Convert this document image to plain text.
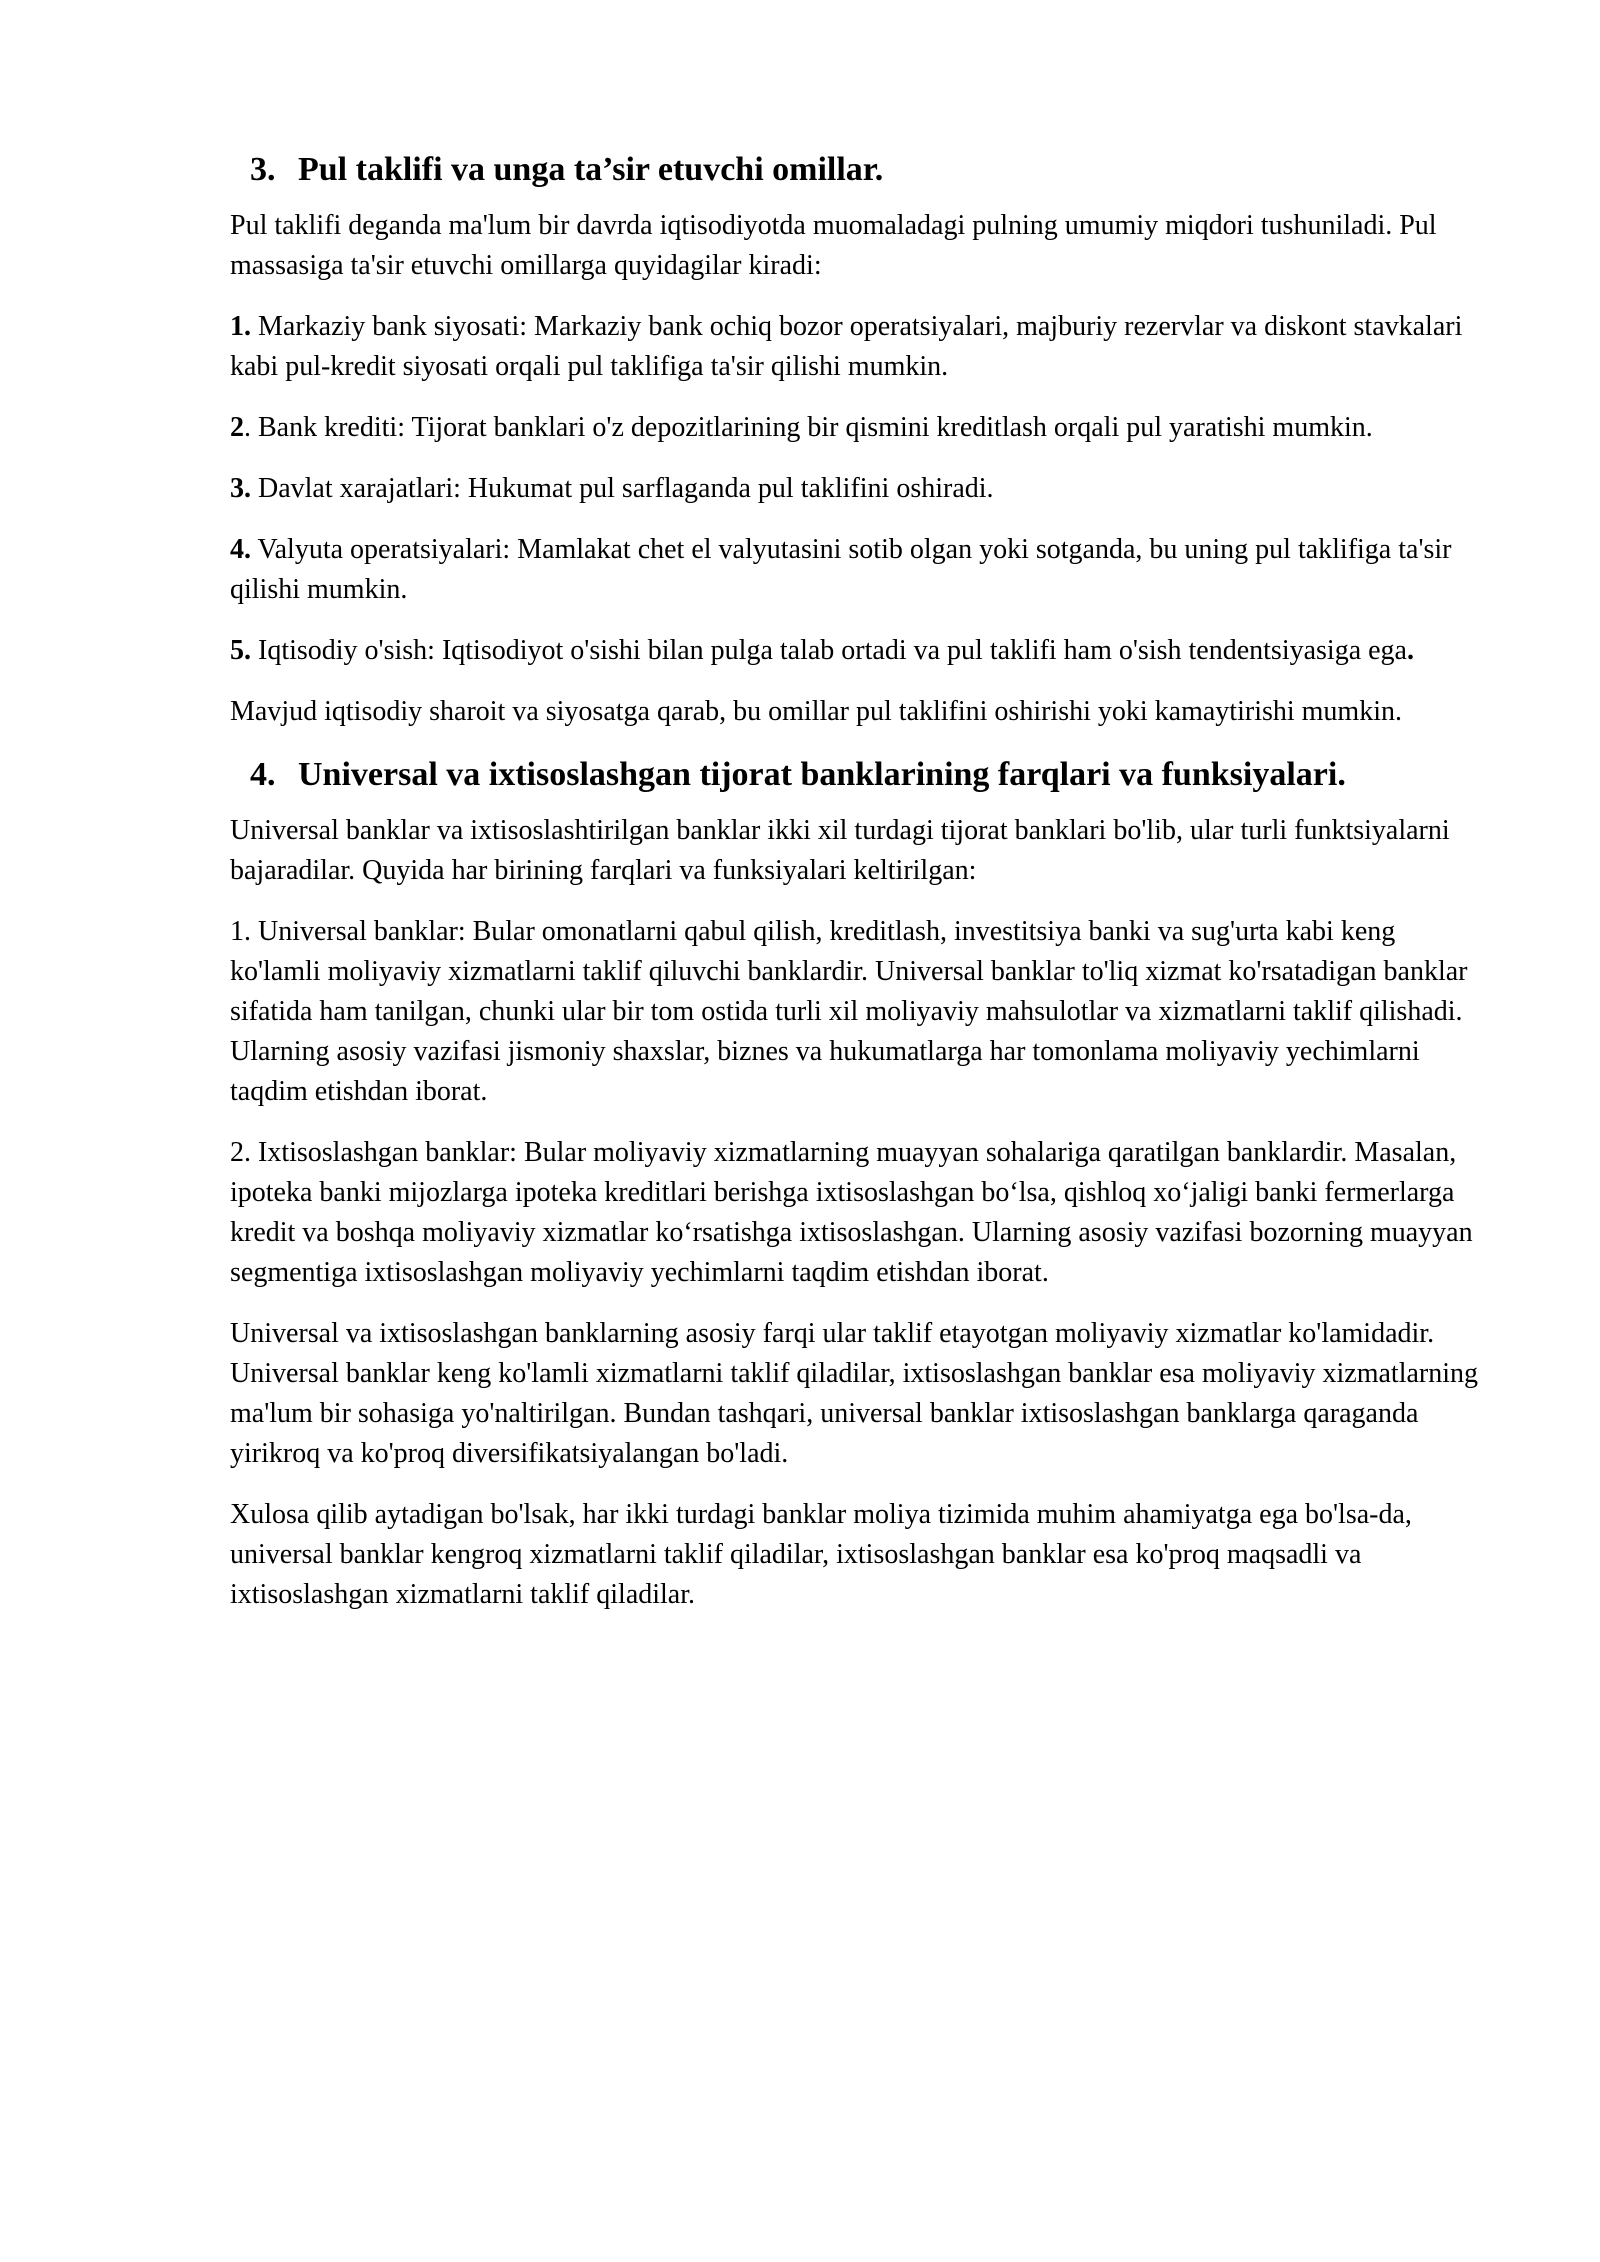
3. Pul taklifi va unga ta’sir etuvchi omillar.

Pul taklifi deganda ma'lum bir davrda iqtisodiyotda muomaladagi pulning umumiy miqdori tushuniladi. Pul massasiga ta'sir etuvchi omillarga quyidagilar kiradi:

1. Markaziy bank siyosati: Markaziy bank ochiq bozor operatsiyalari, majburiy rezervlar va diskont stavkalari kabi pul-kredit siyosati orqali pul taklifiga ta'sir qilishi mumkin.

2. Bank krediti: Tijorat banklari o'z depozitlarining bir qismini kreditlash orqali pul yaratishi mumkin.

3. Davlat xarajatlari: Hukumat pul sarflaganda pul taklifini oshiradi.

4. Valyuta operatsiyalari: Mamlakat chet el valyutasini sotib olgan yoki sotganda, bu uning pul taklifiga ta'sir qilishi mumkin.

5. Iqtisodiy o'sish: Iqtisodiyot o'sishi bilan pulga talab ortadi va pul taklifi ham o'sish tendentsiyasiga ega.

Mavjud iqtisodiy sharoit va siyosatga qarab, bu omillar pul taklifini oshirishi yoki kamaytirishi mumkin.

4. Universal va ixtisoslashgan tijorat banklarining farqlari va funksiyalari.

Universal banklar va ixtisoslashtirilgan banklar ikki xil turdagi tijorat banklari bo'lib, ular turli funktsiyalarni bajaradilar. Quyida har birining farqlari va funksiyalari keltirilgan:

1. Universal banklar: Bular omonatlarni qabul qilish, kreditlash, investitsiya banki va sug'urta kabi keng ko'lamli moliyaviy xizmatlarni taklif qiluvchi banklardir. Universal banklar to'liq xizmat ko'rsatadigan banklar sifatida ham tanilgan, chunki ular bir tom ostida turli xil moliyaviy mahsulotlar va xizmatlarni taklif qilishadi. Ularning asosiy vazifasi jismoniy shaxslar, biznes va hukumatlarga har tomonlama moliyaviy yechimlarni taqdim etishdan iborat.

2. Ixtisoslashgan banklar: Bular moliyaviy xizmatlarning muayyan sohalariga qaratilgan banklardir. Masalan, ipoteka banki mijozlarga ipoteka kreditlari berishga ixtisoslashgan bo‘lsa, qishloq xo‘jaligi banki fermerlarga kredit va boshqa moliyaviy xizmatlar ko‘rsatishga ixtisoslashgan. Ularning asosiy vazifasi bozorning muayyan segmentiga ixtisoslashgan moliyaviy yechimlarni taqdim etishdan iborat.

Universal va ixtisoslashgan banklarning asosiy farqi ular taklif etayotgan moliyaviy xizmatlar ko'lamidadir. Universal banklar keng ko'lamli xizmatlarni taklif qiladilar, ixtisoslashgan banklar esa moliyaviy xizmatlarning ma'lum bir sohasiga yo'naltirilgan. Bundan tashqari, universal banklar ixtisoslashgan banklarga qaraganda yirikroq va ko'proq diversifikatsiyalangan bo'ladi.

Xulosa qilib aytadigan bo'lsak, har ikki turdagi banklar moliya tizimida muhim ahamiyatga ega bo'lsa-da, universal banklar kengroq xizmatlarni taklif qiladilar, ixtisoslashgan banklar esa ko'proq maqsadli va ixtisoslashgan xizmatlarni taklif qiladilar.
